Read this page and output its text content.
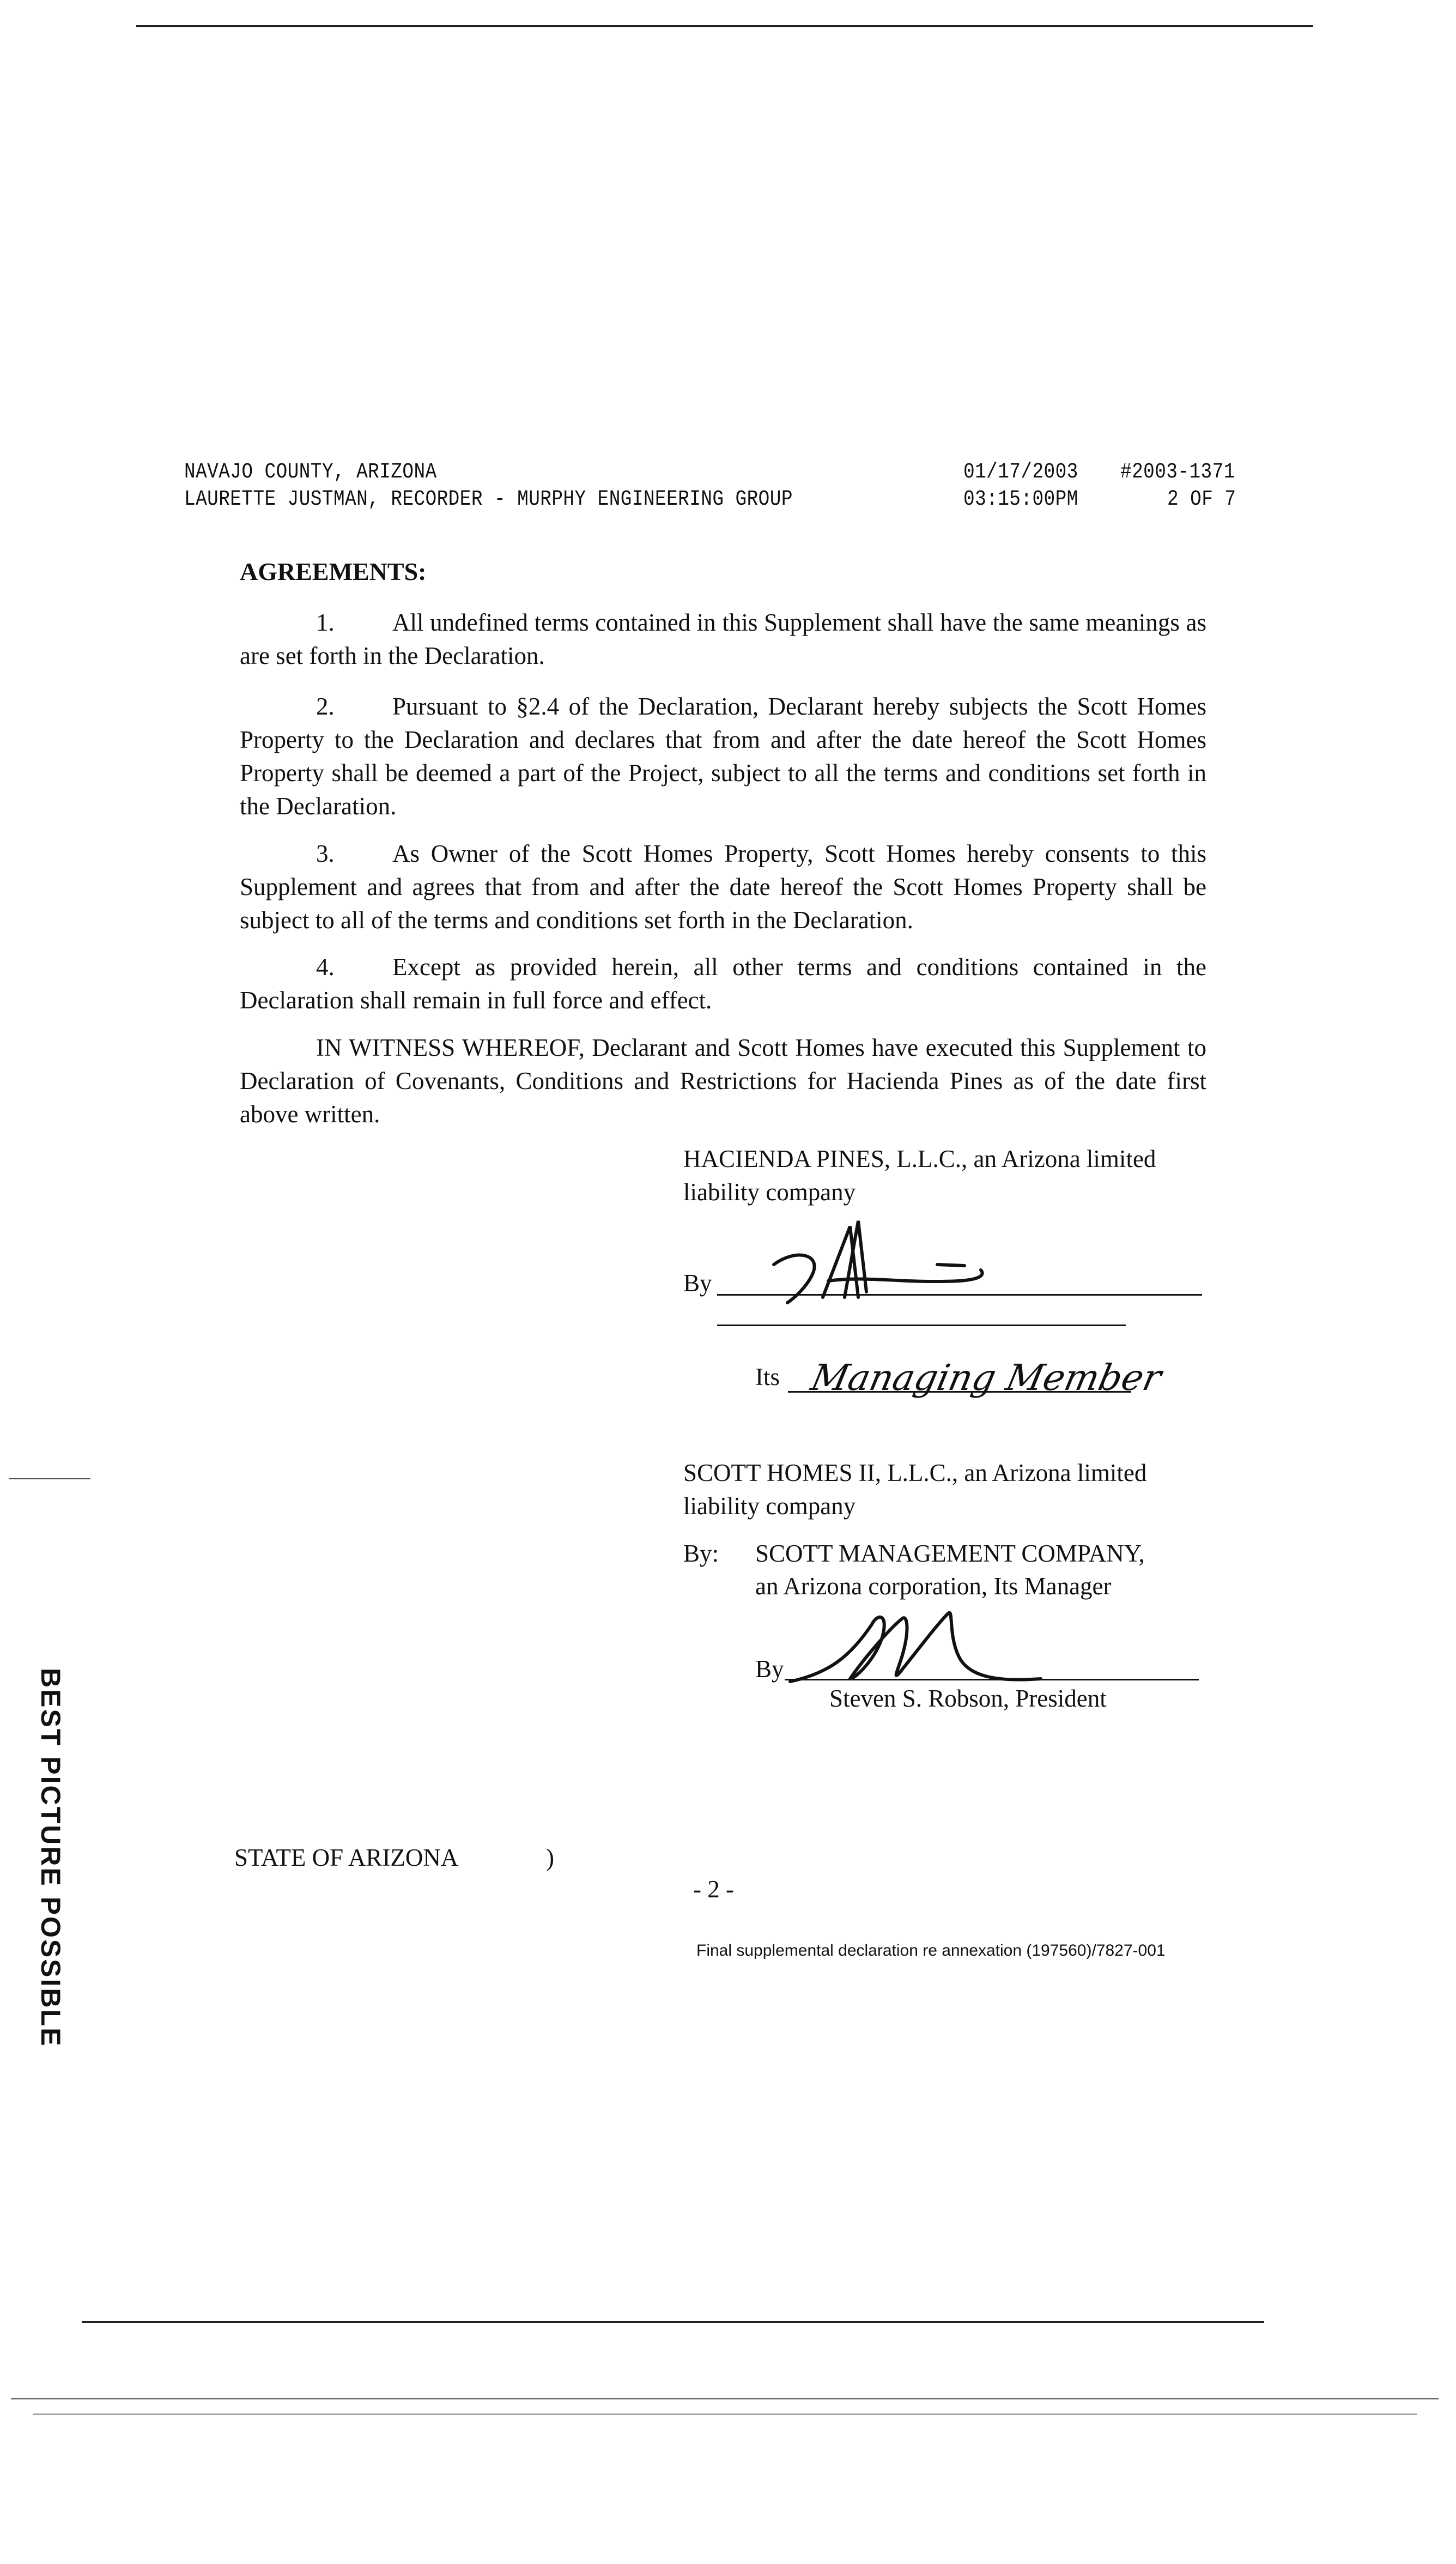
NAVAJO COUNTY, ARIZONA
LAURETTE JUSTMAN, RECORDER - MURPHY ENGINEERING GROUP
01/17/2003
03:15:00PM
#2003-1371
2 OF 7
AGREEMENTS:
1. All undefined terms contained in this Supplement shall have the same meanings as are set forth in the Declaration.
2. Pursuant to §2.4 of the Declaration, Declarant hereby subjects the Scott Homes Property to the Declaration and declares that from and after the date hereof the Scott Homes Property shall be deemed a part of the Project, subject to all the terms and conditions set forth in the Declaration.
3. As Owner of the Scott Homes Property, Scott Homes hereby consents to this Supplement and agrees that from and after the date hereof the Scott Homes Property shall be subject to all of the terms and conditions set forth in the Declaration.
4. Except as provided herein, all other terms and conditions contained in the Declaration shall remain in full force and effect.
IN WITNESS WHEREOF, Declarant and Scott Homes have executed this Supplement to Declaration of Covenants, Conditions and Restrictions for Hacienda Pines as of the date first above written.
HACIENDA PINES, L.L.C., an Arizona limited liability company
By
Its Managing Member
SCOTT HOMES II, L.L.C., an Arizona limited liability company
By: SCOTT MANAGEMENT COMPANY,
an Arizona corporation, Its Manager
By
Steven S. Robson, President
STATE OF ARIZONA	)
- 2 -
Final supplemental declaration re annexation (197560)/7827-001
BEST PICTURE POSSIBLE
